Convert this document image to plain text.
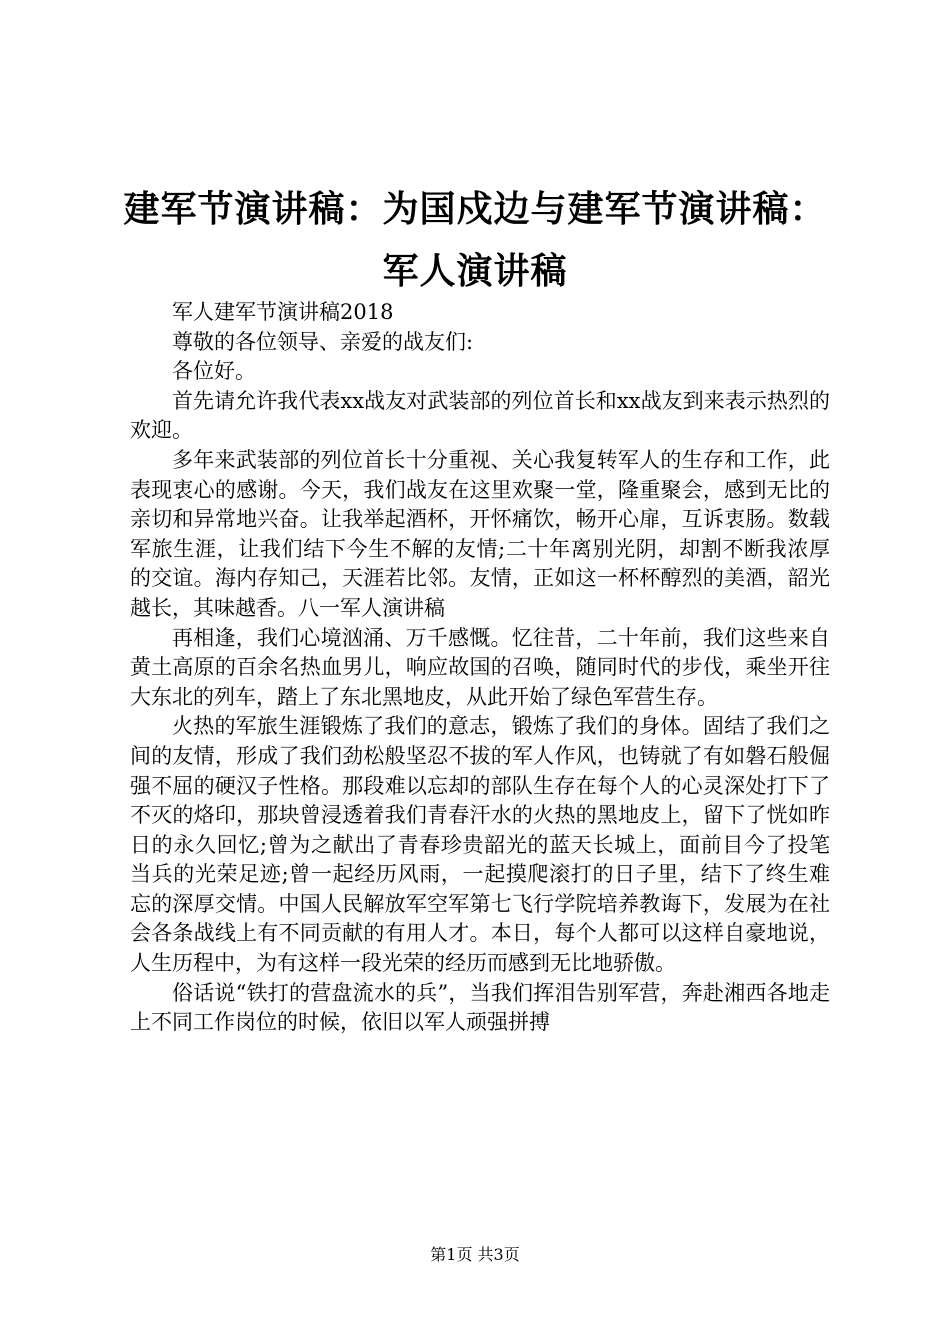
建军节演讲稿：为国戍边与建军节演讲稿：军人演讲稿

军人建军节演讲稿2018

尊敬的各位领导、亲爱的战友们:

各位好。

首先请允许我代表xx战友对武装部的列位首长和xx战友到来表示热烈的欢迎。

多年来武装部的列位首长十分重视、关心我复转军人的生存和工作，此表现衷心的感谢。今天，我们战友在这里欢聚一堂，隆重聚会，感到无比的亲切和异常地兴奋。让我举起酒杯，开怀痛饮，畅开心扉，互诉衷肠。数载军旅生涯，让我们结下今生不解的友情;二十年离别光阴，却割不断我浓厚的交谊。海内存知己，天涯若比邻。友情，正如这一杯杯醇烈的美酒，韶光越长，其味越香。八一军人演讲稿

再相逢，我们心境汹涌、万千感慨。忆往昔，二十年前，我们这些来自黄土高原的百余名热血男儿，响应故国的召唤，随同时代的步伐，乘坐开往大东北的列车，踏上了东北黑地皮，从此开始了绿色军营生存。

火热的军旅生涯锻炼了我们的意志，锻炼了我们的身体。固结了我们之间的友情，形成了我们劲松般坚忍不拔的军人作风，也铸就了有如磐石般倔强不屈的硬汉子性格。那段难以忘却的部队生存在每个人的心灵深处打下了不灭的烙印，那块曾浸透着我们青春汗水的火热的黑地皮上，留下了恍如昨日的永久回忆;曾为之献出了青春珍贵韶光的蓝天长城上，面前目今了投笔当兵的光荣足迹;曾一起经历风雨，一起摸爬滚打的日子里，结下了终生难忘的深厚交情。中国人民解放军空军第七飞行学院培养教诲下，发展为在社会各条战线上有不同贡献的有用人才。本日，每个人都可以这样自豪地说，人生历程中，为有这样一段光荣的经历而感到无比地骄傲。

俗话说“铁打的营盘流水的兵”，当我们挥泪告别军营，奔赴湘西各地走上不同工作岗位的时候，依旧以军人顽强拼搏

第1页 共3页
